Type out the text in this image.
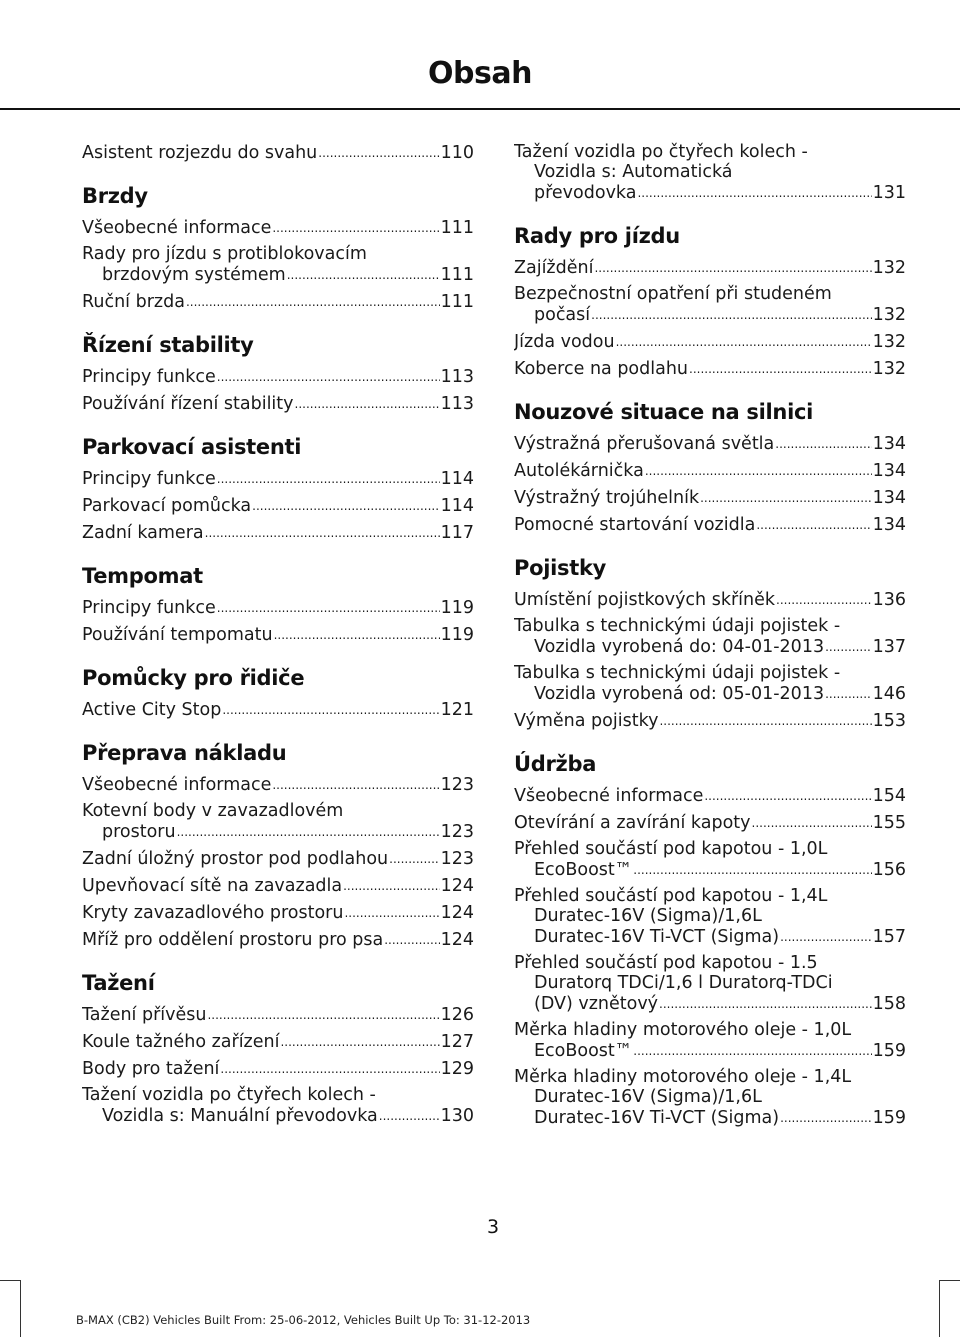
Obsah
Asistent rozjezdu do svahu .....	110
Brzdy
Všeobecné informace .....	111
Rady pro jízdu s protiblokovacím
brzdovým systémem .....	111
Ruční brzda .....	111
Řízení stability
Principy funkce .....	113
Používání řízení stability .....	113
Parkovací asistenti
Principy funkce .....	114
Parkovací pomůcka .....	114
Zadní kamera .....	117
Tempomat
Principy funkce .....	119
Používání tempomatu .....	119
Pomůcky pro řidiče
Active City Stop .....	121
Přeprava nákladu
Všeobecné informace .....	123
Kotevní body v zavazadlovém
prostoru .....	123
Zadní úložný prostor pod podlahou .....	123
Upevňovací sítě na zavazadla .....	124
Kryty zavazadlového prostoru .....	124
Mříž pro oddělení prostoru pro psa .....	124
Tažení
Tažení přívěsu .....	126
Koule tažného zařízení .....	127
Body pro tažení .....	129
Tažení vozidla po čtyřech kolech -
Vozidla s: Manuální převodovka .....	130
Tažení vozidla po čtyřech kolech -
Vozidla s: Automatická
převodovka .....	131
Rady pro jízdu
Zajíždění .....	132
Bezpečnostní opatření při studeném
počasí .....	132
Jízda vodou .....	132
Koberce na podlahu .....	132
Nouzové situace na silnici
Výstražná přerušovaná světla .....	134
Autolékárnička .....	134
Výstražný trojúhelník .....	134
Pomocné startování vozidla .....	134
Pojistky
Umístění pojistkových skříněk .....	136
Tabulka s technickými údaji pojistek -
Vozidla vyrobená do: 04-01-2013 .....	137
Tabulka s technickými údaji pojistek -
Vozidla vyrobená od: 05-01-2013 .....	146
Výměna pojistky .....	153
Údržba
Všeobecné informace .....	154
Otevírání a zavírání kapoty .....	155
Přehled součástí pod kapotou - 1,0L
EcoBoost™ .....	156
Přehled součástí pod kapotou - 1,4L
Duratec-16V (Sigma)/1,6L
Duratec-16V Ti-VCT (Sigma) .....	157
Přehled součástí pod kapotou - 1.5
Duratorq TDCi/1,6 l Duratorq-TDCi
(DV) vznětový .....	158
Měrka hladiny motorového oleje - 1,0L
EcoBoost™ .....	159
Měrka hladiny motorového oleje - 1,4L
Duratec-16V (Sigma)/1,6L
Duratec-16V Ti-VCT (Sigma) .....	159
3
B-MAX (CB2) Vehicles Built From: 25-06-2012, Vehicles Built Up To: 31-12-2013
